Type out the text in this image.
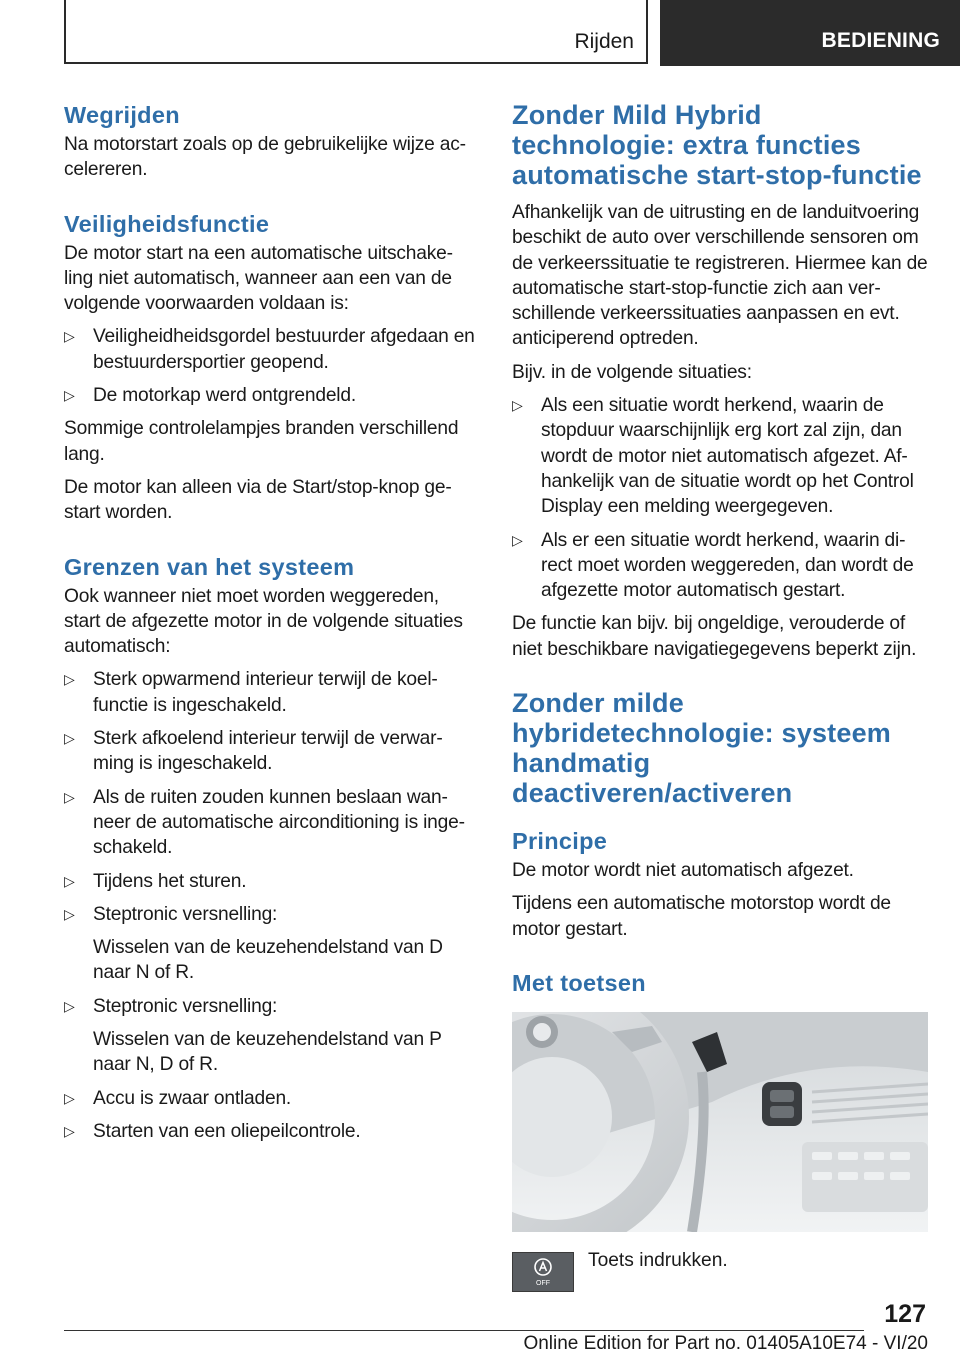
Rijden	BEDIENING
Wegrijden
Na motorstart zoals op de gebruikelijke wijze ac-celereren.
Veiligheidsfunctie
De motor start na een automatische uitschake-ling niet automatisch, wanneer aan een van de volgende voorwaarden voldaan is:
▷ Veiligheidheidsgordel bestuurder afgedaan en bestuurdersportier geopend.
▷ De motorkap werd ontgrendeld.
Sommige controlelampjes branden verschillend lang.
De motor kan alleen via de Start/stop-knop ge-start worden.
Grenzen van het systeem
Ook wanneer niet moet worden weggereden, start de afgezette motor in de volgende situaties automatisch:
▷ Sterk opwarmend interieur terwijl de koel-functie is ingeschakeld.
▷ Sterk afkoelend interieur terwijl de verwar-ming is ingeschakeld.
▷ Als de ruiten zouden kunnen beslaan wan-neer de automatische airconditioning is inge-schakeld.
▷ Tijdens het sturen.
▷ Steptronic versnelling:
Wisselen van de keuzehendelstand van D naar N of R.
▷ Steptronic versnelling:
Wisselen van de keuzehendelstand van P naar N, D of R.
▷ Accu is zwaar ontladen.
▷ Starten van een oliepeilcontrole.
Zonder Mild Hybrid technologie: extra functies automatische start-stop-functie
Afhankelijk van de uitrusting en de landuitvoering beschikt de auto over verschillende sensoren om de verkeerssituatie te registreren. Hiermee kan de automatische start-stop-functie zich aan ver-schillende verkeerssituaties aanpassen en evt. anticiperend optreden.
Bijv. in de volgende situaties:
▷ Als een situatie wordt herkend, waarin de stopduur waarschijnlijk erg kort zal zijn, dan wordt de motor niet automatisch afgezet. Af-hankelijk van de situatie wordt op het Control Display een melding weergegeven.
▷ Als er een situatie wordt herkend, waarin di-rect moet worden weggereden, dan wordt de afgezette motor automatisch gestart.
De functie kan bijv. bij ongeldige, verouderde of niet beschikbare navigatiegegevens beperkt zijn.
Zonder milde hybridetechnologie: systeem handmatig deactiveren/activeren
Principe
De motor wordt niet automatisch afgezet.
Tijdens een automatische motorstop wordt de motor gestart.
Met toetsen
OFF
Toets indrukken.
127
Online Edition for Part no. 01405A10E74 - VI/20
